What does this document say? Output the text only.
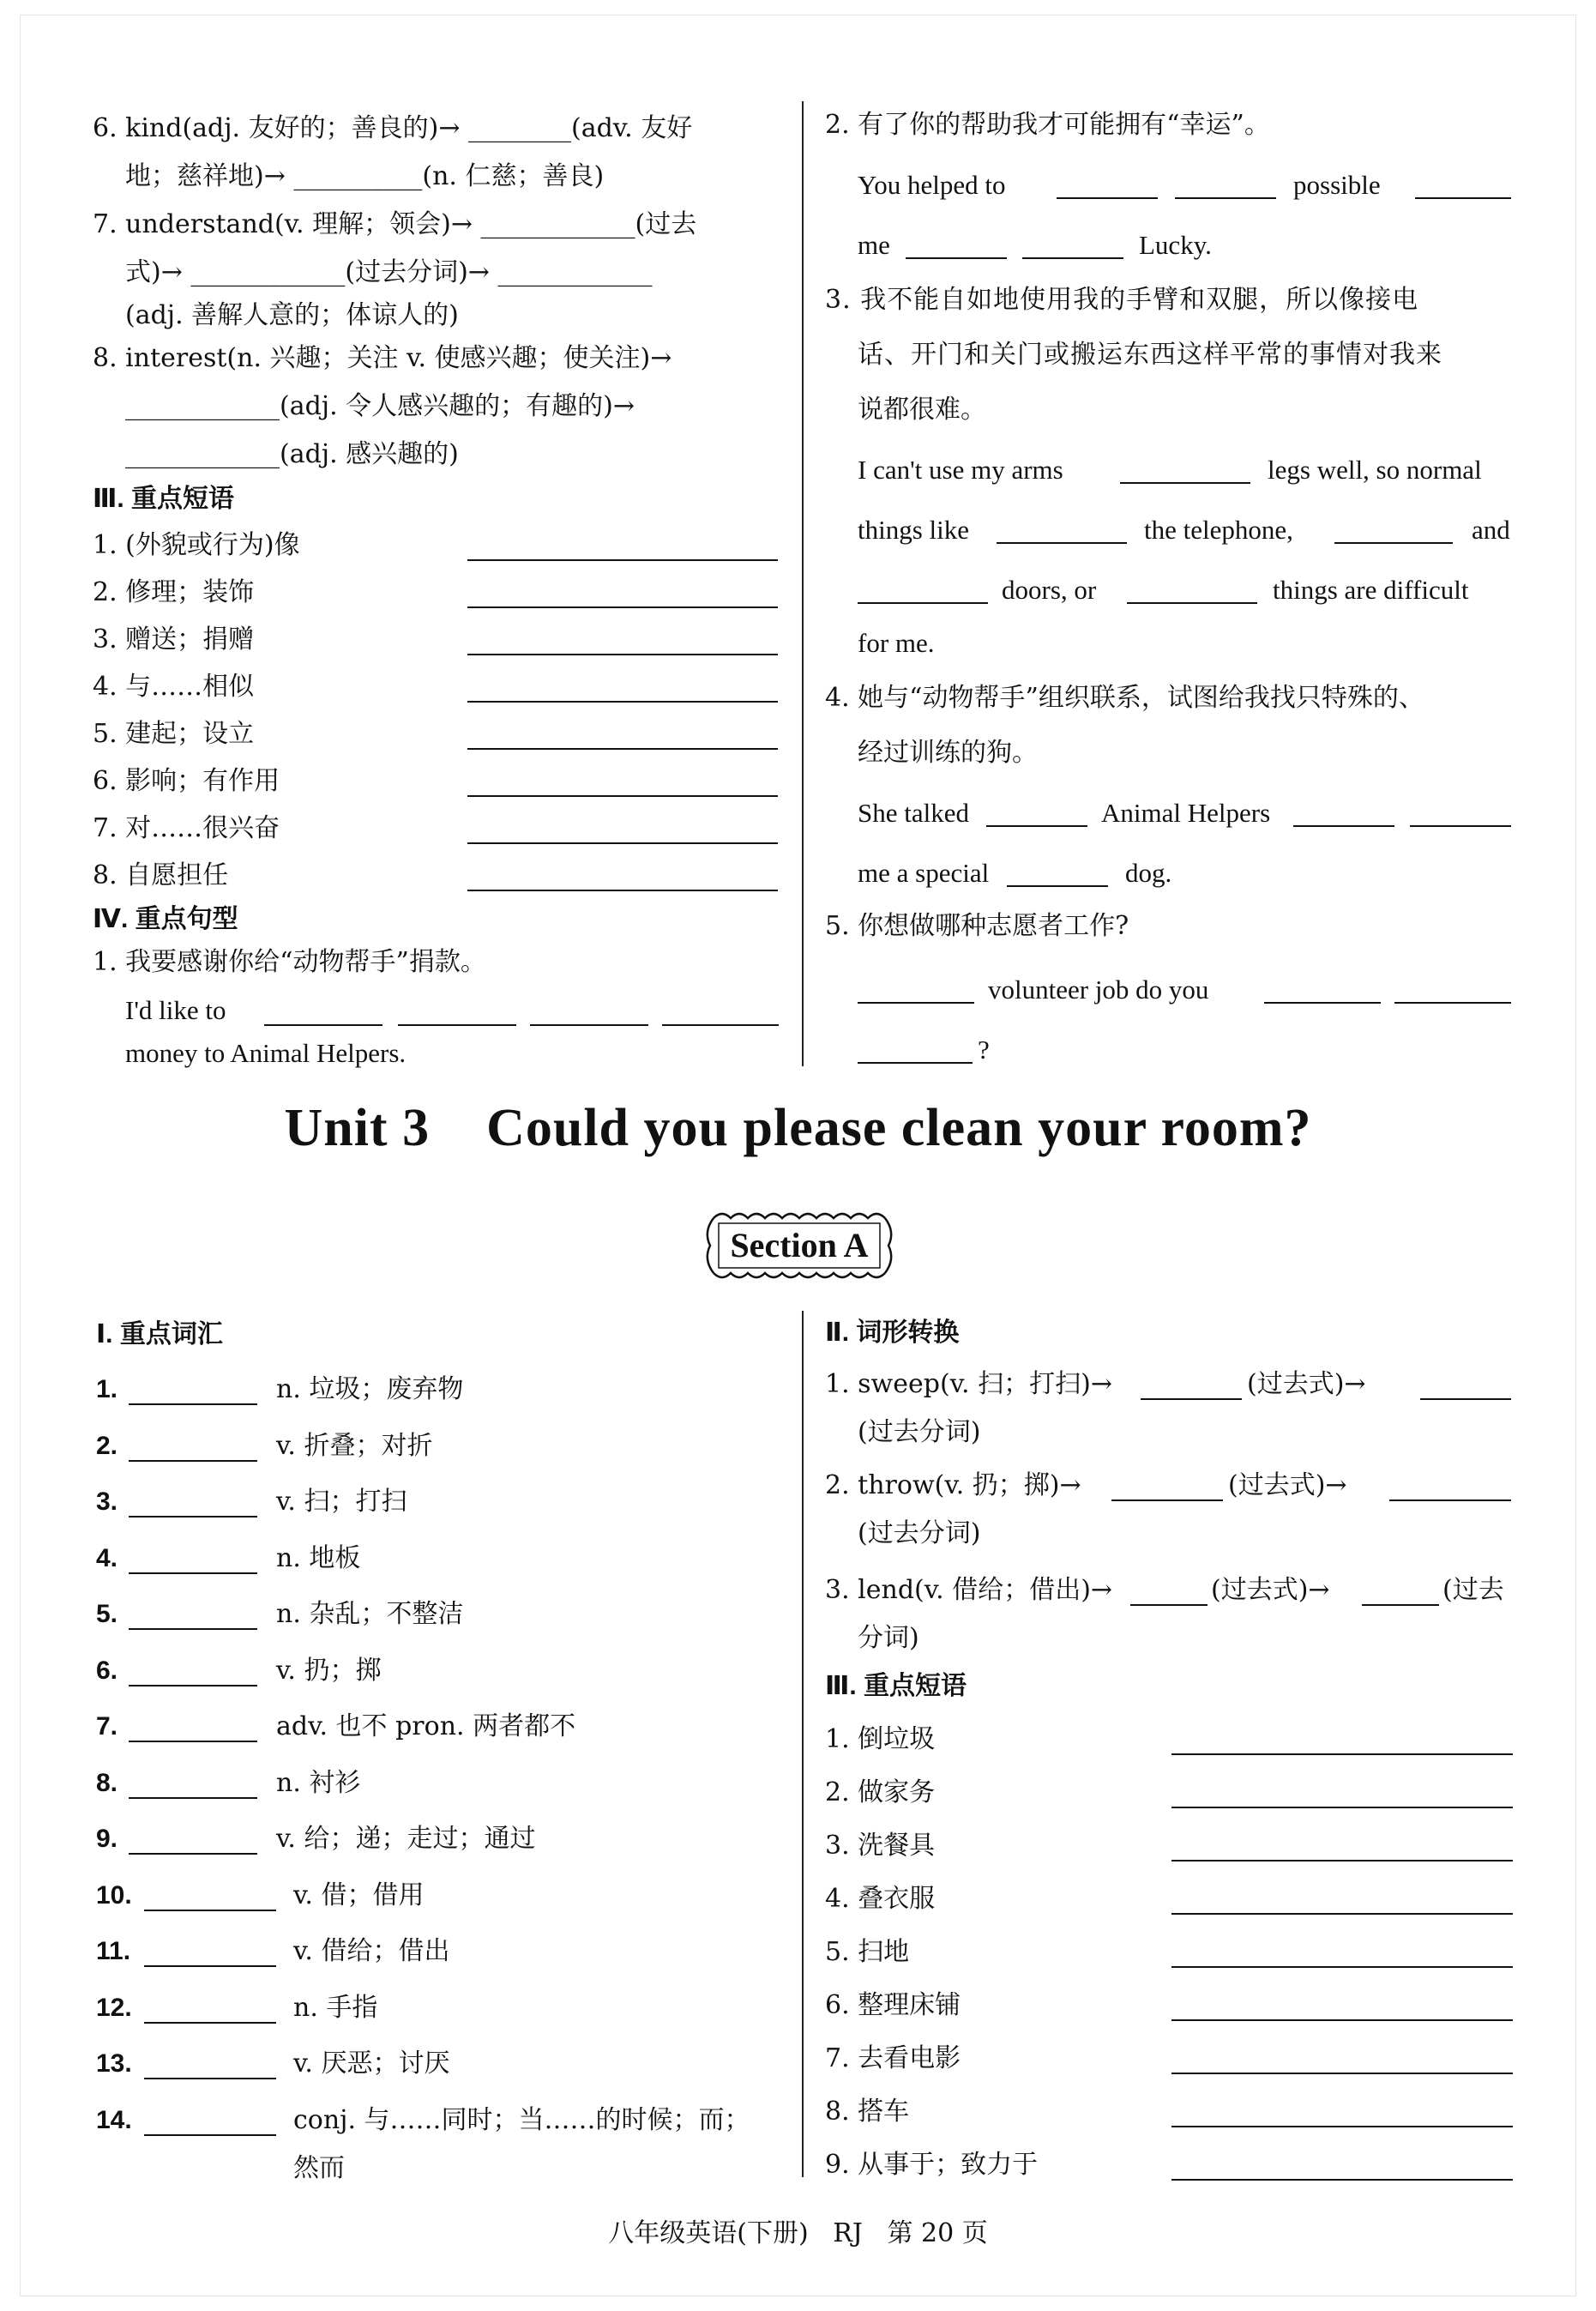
6. kind(adj. 友好的；善良的)→ ________(adv. 友好
地；慈祥地)→ __________(n. 仁慈；善良)
7. understand(v. 理解；领会)→ ____________(过去
式)→ ____________(过去分词)→ ____________
(adj. 善解人意的；体谅人的)
8. interest(n. 兴趣；关注 v. 使感兴趣；使关注)→
____________(adj. 令人感兴趣的；有趣的)→
____________(adj. 感兴趣的)
Ⅲ. 重点短语
1. (外貌或行为)像
2. 修理；装饰
3. 赠送；捐赠
4. 与……相似
5. 建起；设立
6. 影响；有作用
7. 对……很兴奋
8. 自愿担任
Ⅳ. 重点句型
1. 我要感谢你给“动物帮手”捐款。
I'd like to
money to Animal Helpers.
2. 有了你的帮助我才可能拥有“幸运”。
You helped to	possible
me	Lucky.
3. 我不能自如地使用我的手臂和双腿，所以像接电
话、开门和关门或搬运东西这样平常的事情对我来
说都很难。
I can't use my arms	legs well, so normal
things like	the telephone,	and
doors, or	things are difficult
for me.
4. 她与“动物帮手”组织联系，试图给我找只特殊的、
经过训练的狗。
She talked	Animal Helpers
me a special	dog.
5. 你想做哪种志愿者工作?
volunteer job do you
?
Unit 3    Could you please clean your room?
Section A
Ⅰ. 重点词汇
1.	n. 垃圾；废弃物
2.	v. 折叠；对折
3.	v. 扫；打扫
4.	n. 地板
5.	n. 杂乱；不整洁
6.	v. 扔；掷
7.	adv. 也不 pron. 两者都不
8.	n. 衬衫
9.	v. 给；递；走过；通过
10.	v. 借；借用
11.	v. 借给；借出
12.	n. 手指
13.	v. 厌恶；讨厌
14.	conj. 与……同时；当……的时候；而；
然而
Ⅱ. 词形转换
1. sweep(v. 扫；打扫)→	(过去式)→
(过去分词)
2. throw(v. 扔；掷)→	(过去式)→
(过去分词)
3. lend(v. 借给；借出)→	(过去式)→	(过去
分词)
Ⅲ. 重点短语
1. 倒垃圾
2. 做家务
3. 洗餐具
4. 叠衣服
5. 扫地
6. 整理床铺
7. 去看电影
8. 搭车
9. 从事于；致力于
八年级英语(下册)   RJ   第 20 页
